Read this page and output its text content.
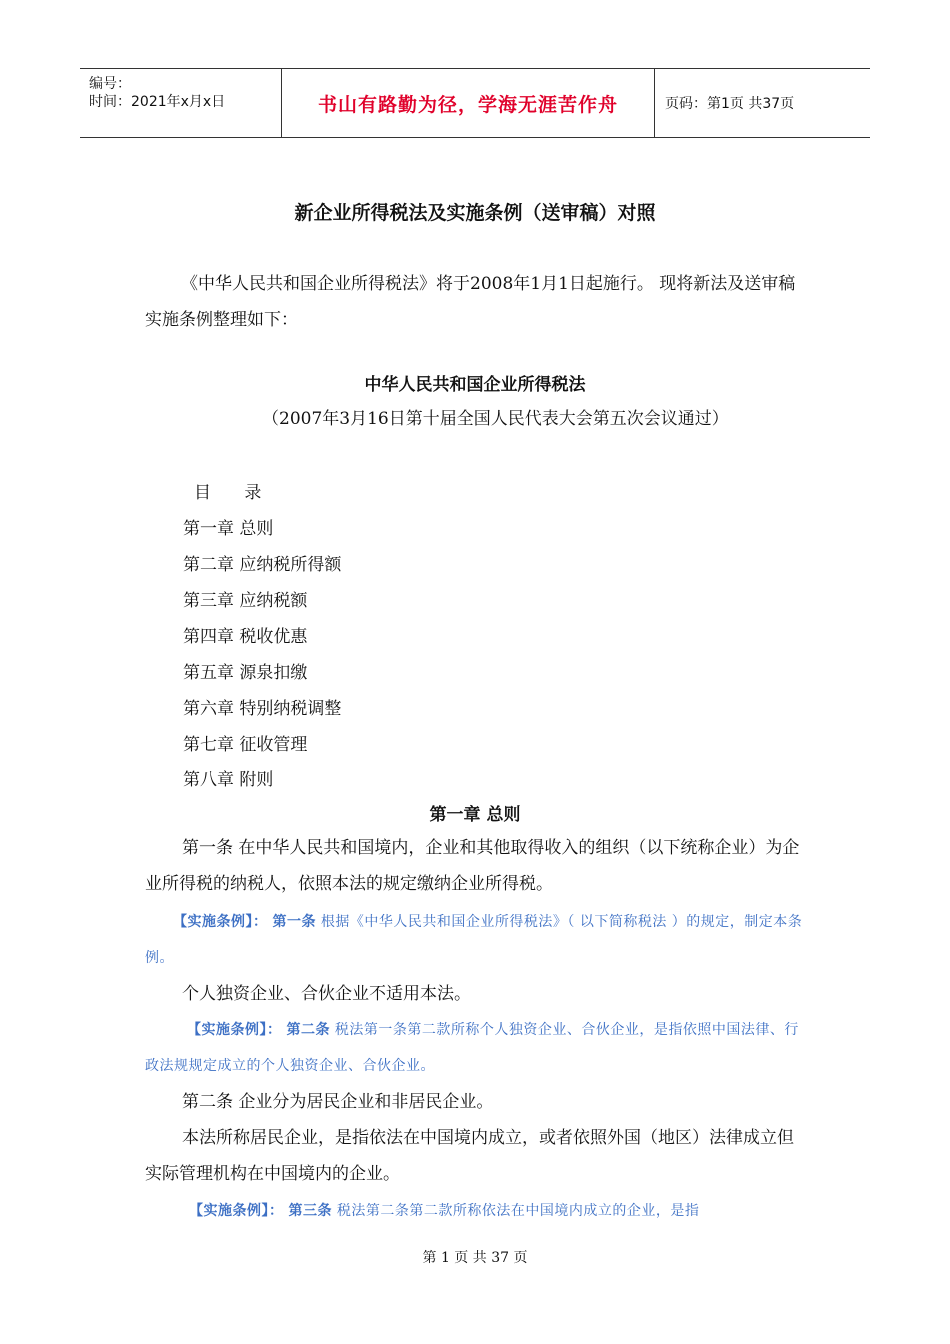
编号：
时间：2021年x月x日	书山有路勤为径，学海无涯苦作舟	页码：第1页 共37页
新企业所得税法及实施条例（送审稿）对照
《中华人民共和国企业所得税法》将于2008年1月1日起施行。 现将新法及送审稿实施条例整理如下：
中华人民共和国企业所得税法
（2007年3月16日第十届全国人民代表大会第五次会议通过）
目 录
第一章 总则
第二章 应纳税所得额
第三章 应纳税额
第四章 税收优惠
第五章 源泉扣缴
第六章 特别纳税调整
第七章 征收管理
第八章 附则
第一章 总则
第一条 在中华人民共和国境内，企业和其他取得收入的组织（以下统称企业）为企业所得税的纳税人，依照本法的规定缴纳企业所得税。
【实施条例】： 第一条 根据《中华人民共和国企业所得税法》（ 以下简称税法 ）的规定，制定本条例。
个人独资企业、合伙企业不适用本法。
【实施条例】： 第二条 税法第一条第二款所称个人独资企业、合伙企业，是指依照中国法律、行政法规规定成立的个人独资企业、合伙企业。
第二条 企业分为居民企业和非居民企业。
本法所称居民企业，是指依法在中国境内成立，或者依照外国（地区）法律成立但实际管理机构在中国境内的企业。
【实施条例】： 第三条 税法第二条第二款所称依法在中国境内成立的企业，是指
第 1 页 共 37 页
